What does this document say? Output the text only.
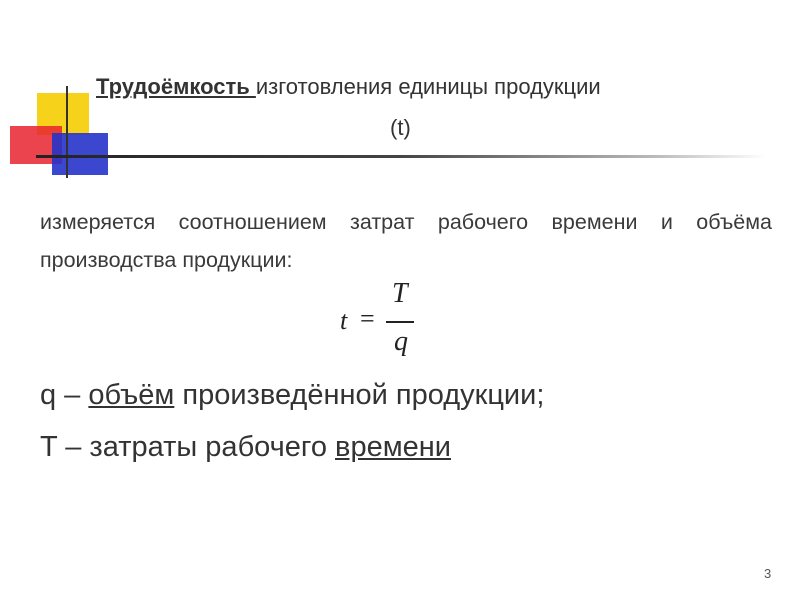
Трудоёмкость изготовления единицы продукции
(t)
измеряется соотношением затрат рабочего времени и объёма производства продукции:
t =
T
q
q – объём произведённой продукции;
T – затраты рабочего времени
3
